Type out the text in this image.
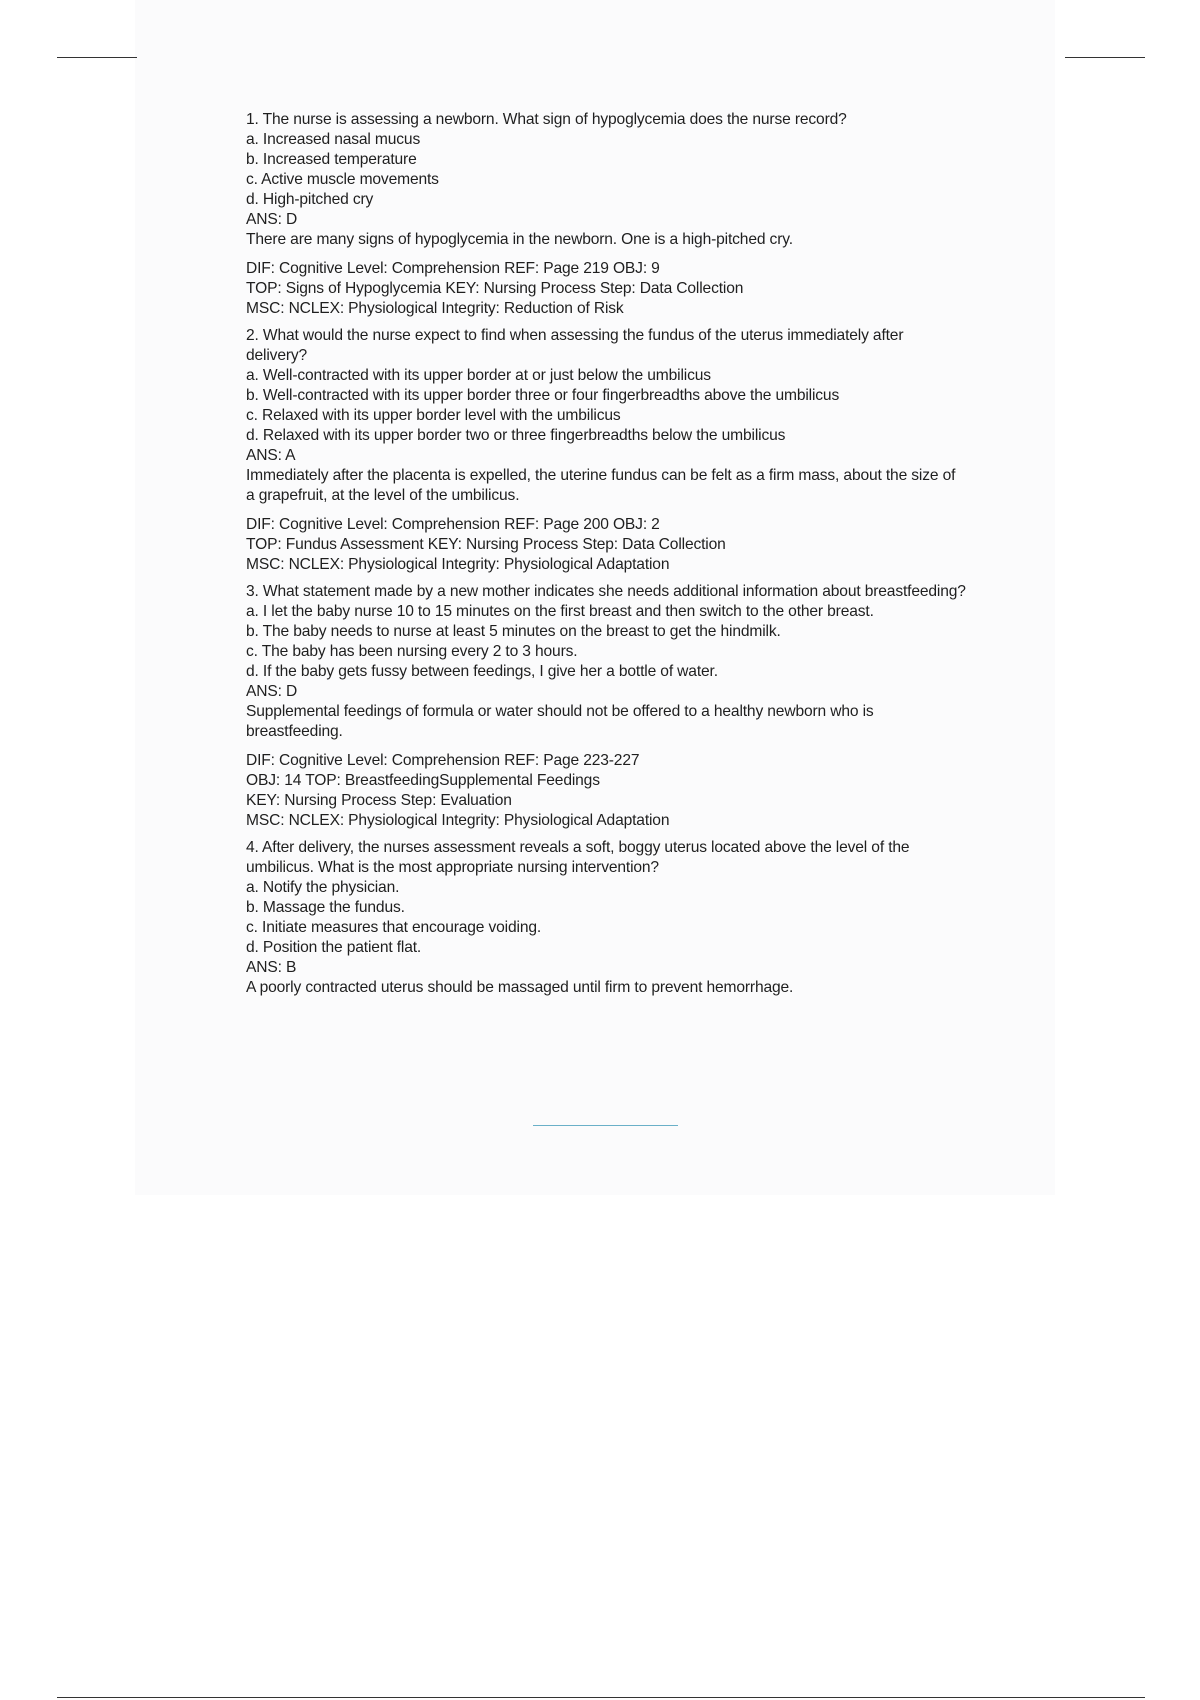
1. The nurse is assessing a newborn. What sign of hypoglycemia does the nurse record?
a. Increased nasal mucus
b. Increased temperature
c. Active muscle movements
d. High-pitched cry
ANS: D
There are many signs of hypoglycemia in the newborn. One is a high-pitched cry.
DIF: Cognitive Level: Comprehension REF: Page 219 OBJ: 9
TOP: Signs of Hypoglycemia KEY: Nursing Process Step: Data Collection
MSC: NCLEX: Physiological Integrity: Reduction of Risk
2. What would the nurse expect to find when assessing the fundus of the uterus immediately after delivery?
a. Well-contracted with its upper border at or just below the umbilicus
b. Well-contracted with its upper border three or four fingerbreadths above the umbilicus
c. Relaxed with its upper border level with the umbilicus
d. Relaxed with its upper border two or three fingerbreadths below the umbilicus
ANS: A
Immediately after the placenta is expelled, the uterine fundus can be felt as a firm mass, about the size of a grapefruit, at the level of the umbilicus.
DIF: Cognitive Level: Comprehension REF: Page 200 OBJ: 2
TOP: Fundus Assessment KEY: Nursing Process Step: Data Collection
MSC: NCLEX: Physiological Integrity: Physiological Adaptation
3. What statement made by a new mother indicates she needs additional information about breastfeeding?
a. I let the baby nurse 10 to 15 minutes on the first breast and then switch to the other breast.
b. The baby needs to nurse at least 5 minutes on the breast to get the hindmilk.
c. The baby has been nursing every 2 to 3 hours.
d. If the baby gets fussy between feedings, I give her a bottle of water.
ANS: D
Supplemental feedings of formula or water should not be offered to a healthy newborn who is breastfeeding.
DIF: Cognitive Level: Comprehension REF: Page 223-227
OBJ: 14 TOP: BreastfeedingSupplemental Feedings
KEY: Nursing Process Step: Evaluation
MSC: NCLEX: Physiological Integrity: Physiological Adaptation
4. After delivery, the nurses assessment reveals a soft, boggy uterus located above the level of the umbilicus. What is the most appropriate nursing intervention?
a. Notify the physician.
b. Massage the fundus.
c. Initiate measures that encourage voiding.
d. Position the patient flat.
ANS: B
A poorly contracted uterus should be massaged until firm to prevent hemorrhage.
